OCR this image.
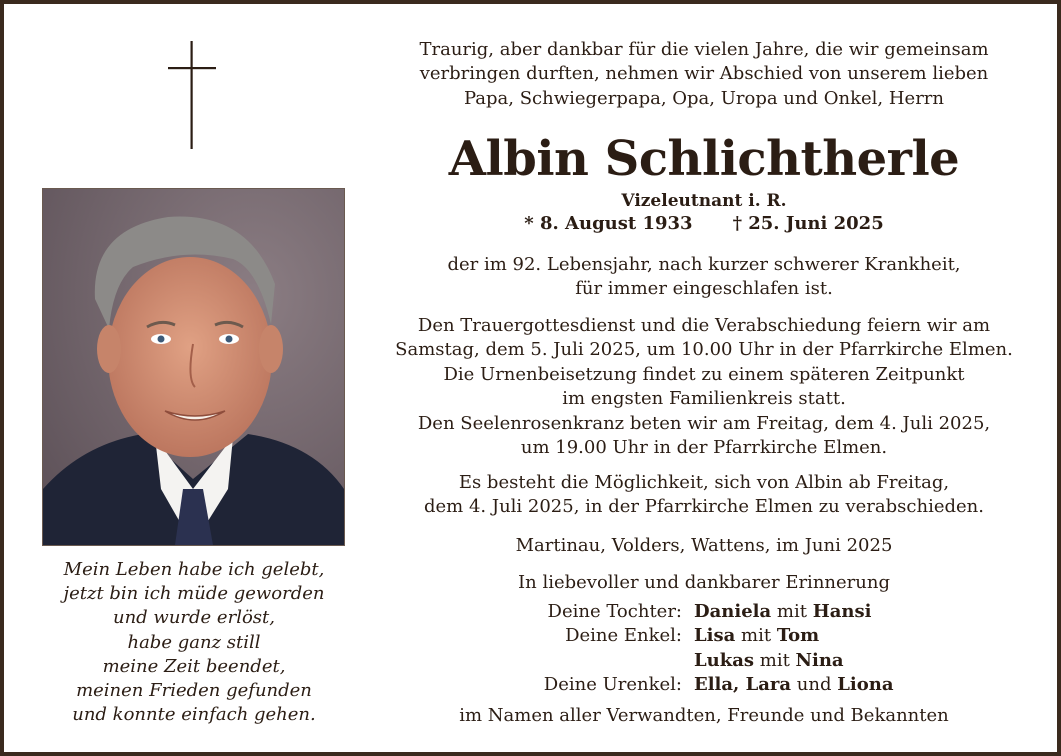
Mein Leben habe ich gelebt,
jetzt bin ich müde geworden
und wurde erlöst,
habe ganz still
meine Zeit beendet,
meinen Frieden gefunden
und konnte einfach gehen.
Traurig, aber dankbar für die vielen Jahre, die wir gemeinsam
verbringen durften, nehmen wir Abschied von unserem lieben
Papa, Schwiegerpapa, Opa, Uropa und Onkel, Herrn
Albin Schlichtherle
Vizeleutnant i. R.
* 8. August 1933 † 25. Juni 2025
der im 92. Lebensjahr, nach kurzer schwerer Krankheit,
für immer eingeschlafen ist.
Den Trauergottesdienst und die Verabschiedung feiern wir am
Samstag, dem 5. Juli 2025, um 10.00 Uhr in der Pfarrkirche Elmen.
Die Urnenbeisetzung findet zu einem späteren Zeitpunkt
im engsten Familienkreis statt.
Den Seelenrosenkranz beten wir am Freitag, dem 4. Juli 2025,
um 19.00 Uhr in der Pfarrkirche Elmen.
Es besteht die Möglichkeit, sich von Albin ab Freitag,
dem 4. Juli 2025, in der Pfarrkirche Elmen zu verabschieden.
Martinau, Volders, Wattens, im Juni 2025
In liebevoller und dankbarer Erinnerung
Deine Tochter: Daniela mit Hansi
Deine Enkel: Lisa mit Tom
Lukas mit Nina
Deine Urenkel: Ella, Lara und Liona
im Namen aller Verwandten, Freunde und Bekannten
